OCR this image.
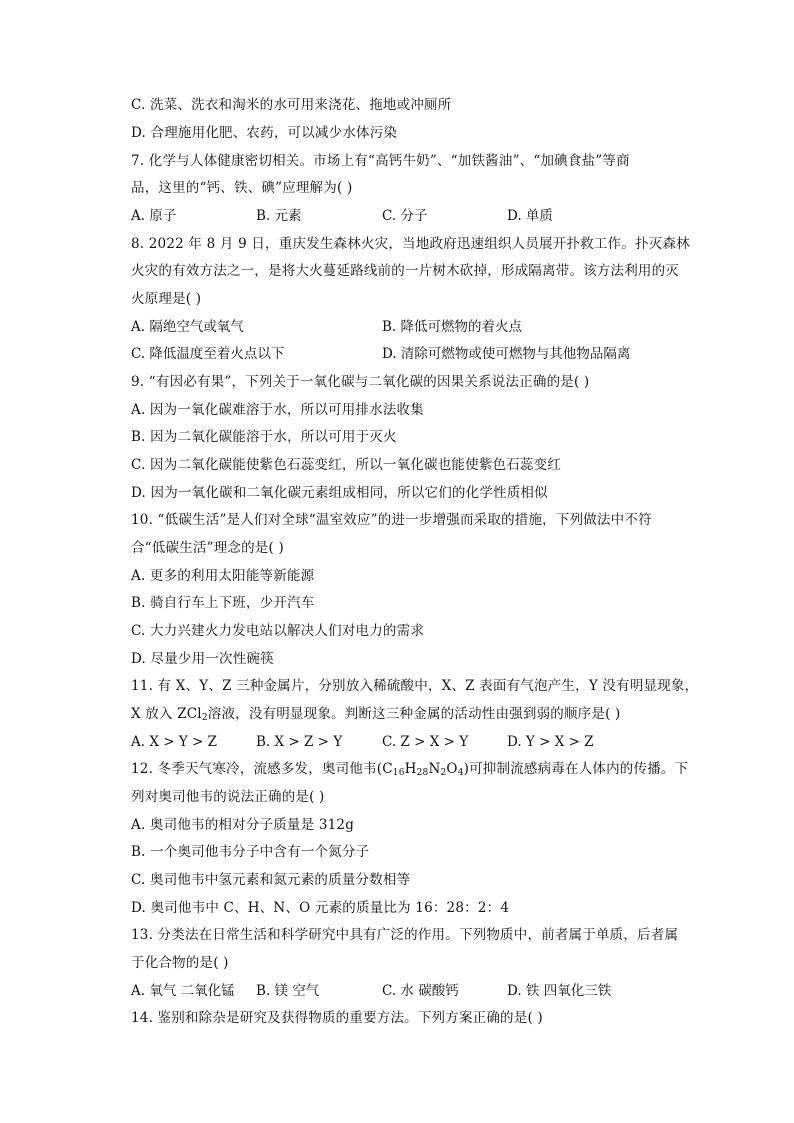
C. 洗菜、洗衣和淘米的水可用来浇花、拖地或冲厕所
D. 合理施用化肥、农药，可以减少水体污染
7. 化学与人体健康密切相关。市场上有“高钙牛奶”、“加铁酱油”、“加碘食盐”等商
品，这里的“钙、铁、碘”应理解为( )
A. 原子	B. 元素	C. 分子	D. 单质
8. 2022 年 8 月 9 日，重庆发生森林火灾，当地政府迅速组织人员展开扑救工作。扑灭森林
火灾的有效方法之一，是将大火蔓延路线前的一片树木砍掉，形成隔离带。该方法利用的灭
火原理是( )
A. 隔绝空气或氧气	B. 降低可燃物的着火点
C. 降低温度至着火点以下	D. 清除可燃物或使可燃物与其他物品隔离
9. “有因必有果”，下列关于一氧化碳与二氧化碳的因果关系说法正确的是( )
A. 因为一氧化碳难溶于水，所以可用排水法收集
B. 因为二氧化碳能溶于水，所以可用于灭火
C. 因为二氧化碳能使紫色石蕊变红，所以一氧化碳也能使紫色石蕊变红
D. 因为一氧化碳和二氧化碳元素组成相同，所以它们的化学性质相似
10. “低碳生活”是人们对全球“温室效应”的进一步增强而采取的措施，下列做法中不符
合“低碳生活”理念的是( )
A. 更多的利用太阳能等新能源
B. 骑自行车上下班，少开汽车
C. 大力兴建火力发电站以解决人们对电力的需求
D. 尽量少用一次性碗筷
11. 有 X、Y、Z 三种金属片，分别放入稀硫酸中，X、Z 表面有气泡产生，Y 没有明显现象，
X 放入 ZCl$_2$溶液，没有明显现象。判断这三种金属的活动性由强到弱的顺序是( )
A. X > Y > Z	B. X > Z > Y	C. Z > X > Y	D. Y > X > Z
12. 冬季天气寒冷，流感多发，奥司他韦$(C_{16}H_{28}N_2O_4)$可抑制流感病毒在人体内的传播。下
列对奥司他韦的说法正确的是( )
A. 奥司他韦的相对分子质量是 312g
B. 一个奥司他韦分子中含有一个氮分子
C. 奥司他韦中氢元素和氮元素的质量分数相等
D. 奥司他韦中 C、H、N、O 元素的质量比为 16：28：2：4
13. 分类法在日常生活和科学研究中具有广泛的作用。下列物质中，前者属于单质，后者属
于化合物的是( )
A. 氧气 二氧化锰 B. 镁 空气	C. 水 碳酸钙	D. 铁 四氧化三铁
14. 鉴别和除杂是研究及获得物质的重要方法。下列方案正确的是( )
